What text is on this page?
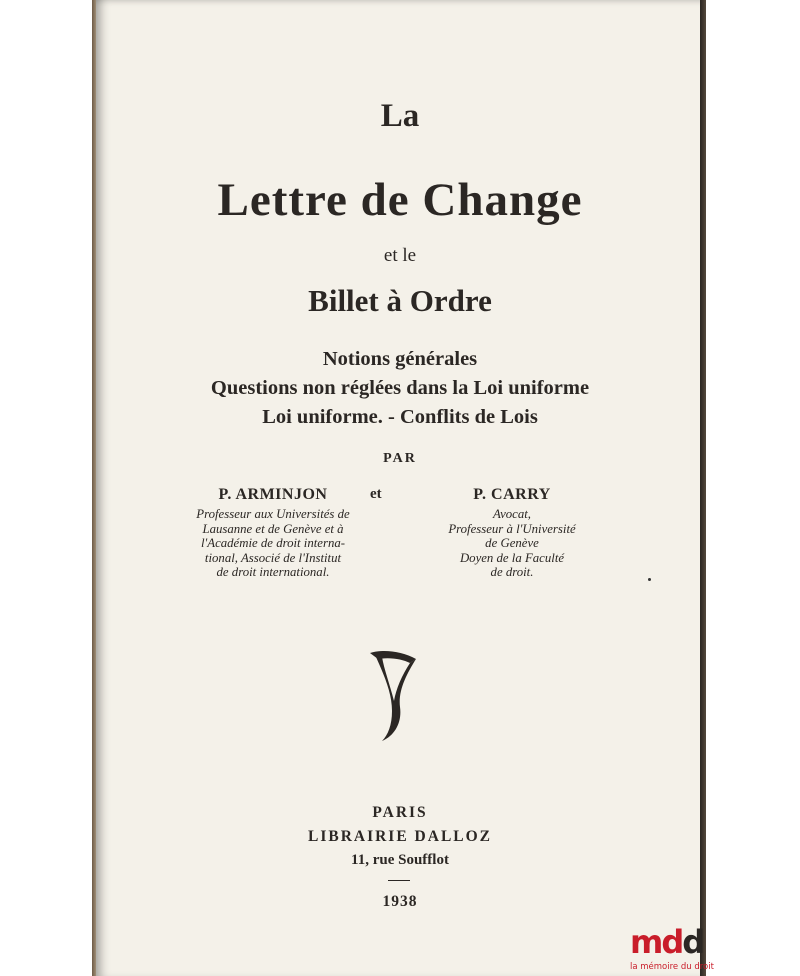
La
Lettre de Change
et le
Billet à Ordre
Notions générales
Questions non réglées dans la Loi uniforme
Loi uniforme. - Conflits de Lois
PAR
P. ARMINJON
Professeur aux Universités de
Lausanne et de Genève et à
l'Académie de droit interna-
tional, Associé de l'Institut
de droit international.
et	P. CARRY
Avocat,
Professeur à l'Université
de Genève
Doyen de la Faculté
de droit.
PARIS
LIBRAIRIE DALLOZ
11, rue Soufflot
1938
mdd
la mémoire du droit
